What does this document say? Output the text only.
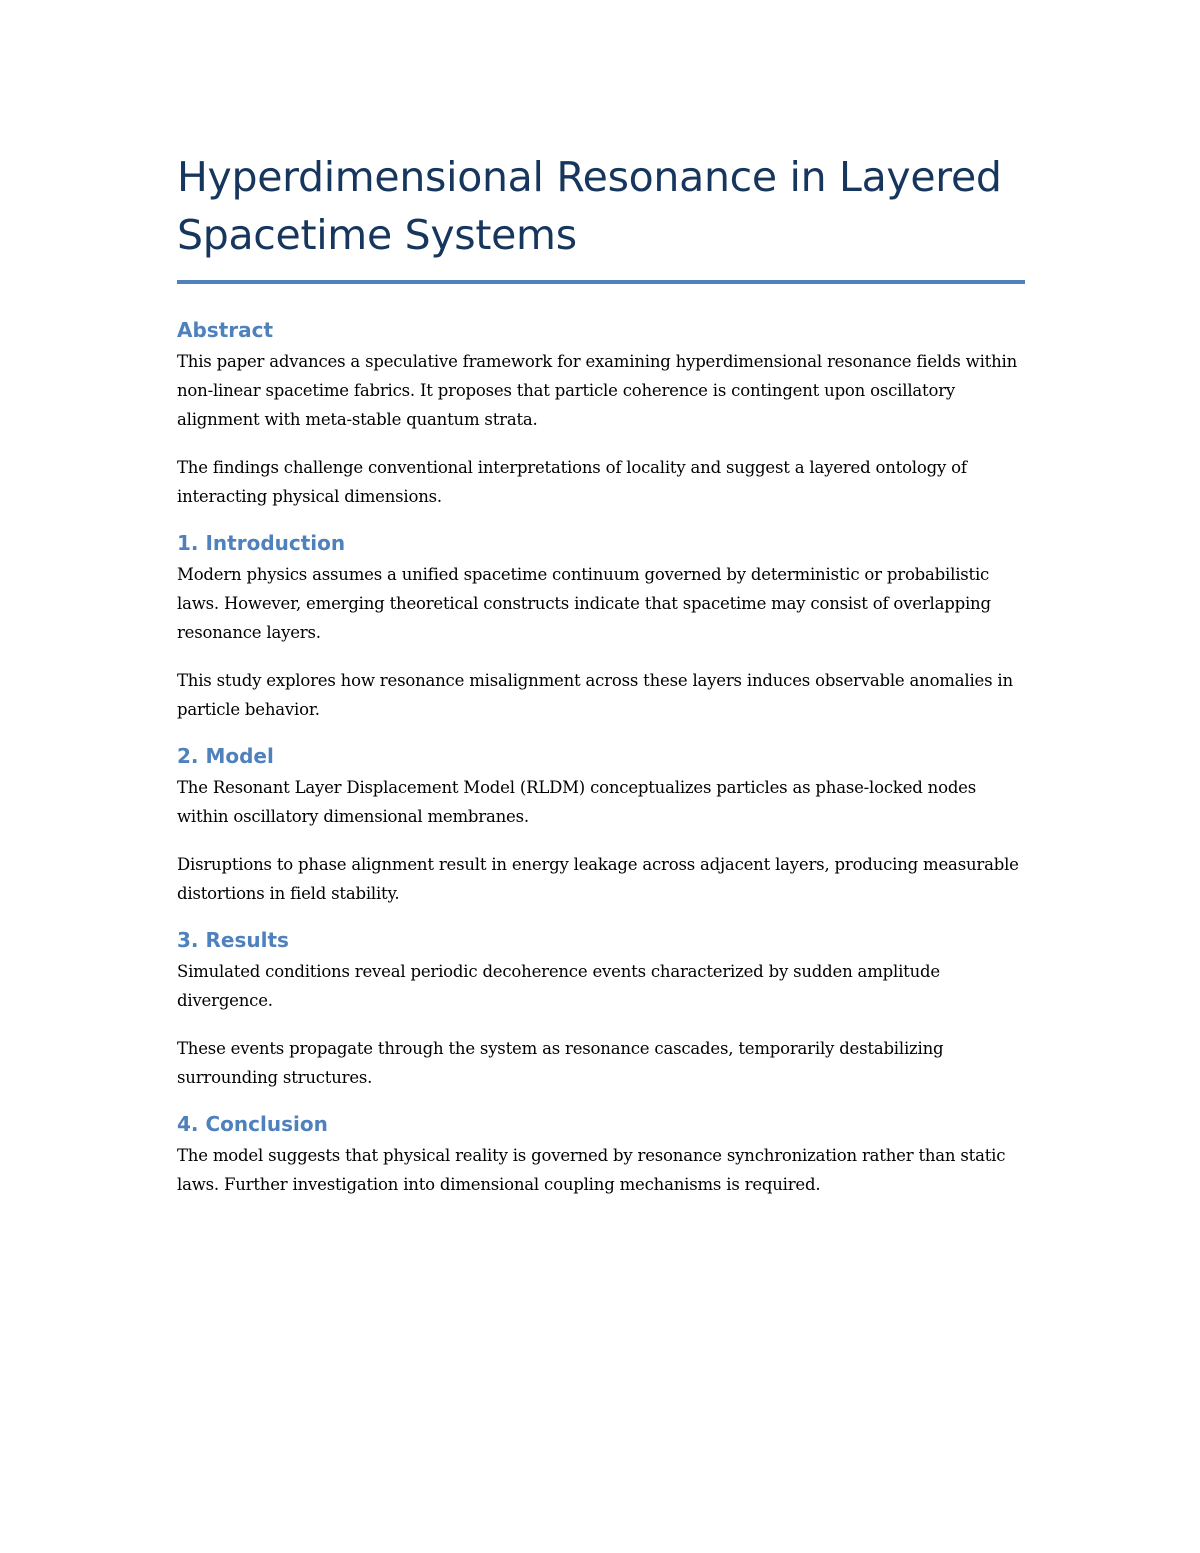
Hyperdimensional Resonance in Layered Spacetime Systems
Abstract

This paper advances a speculative framework for examining hyperdimensional resonance fields within non-linear spacetime fabrics. It proposes that particle coherence is contingent upon oscillatory alignment with meta-stable quantum strata.

The findings challenge conventional interpretations of locality and suggest a layered ontology of interacting physical dimensions.

1. Introduction

Modern physics assumes a unified spacetime continuum governed by deterministic or probabilistic laws. However, emerging theoretical constructs indicate that spacetime may consist of overlapping resonance layers.

This study explores how resonance misalignment across these layers induces observable anomalies in particle behavior.

2. Model

The Resonant Layer Displacement Model (RLDM) conceptualizes particles as phase-locked nodes within oscillatory dimensional membranes.

Disruptions to phase alignment result in energy leakage across adjacent layers, producing measurable distortions in field stability.

3. Results

Simulated conditions reveal periodic decoherence events characterized by sudden amplitude divergence.

These events propagate through the system as resonance cascades, temporarily destabilizing surrounding structures.

4. Conclusion

The model suggests that physical reality is governed by resonance synchronization rather than static laws. Further investigation into dimensional coupling mechanisms is required.
